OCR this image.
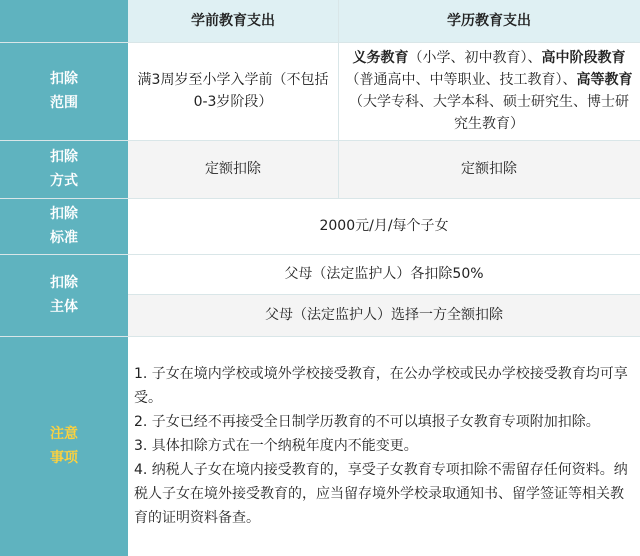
学前教育支出	学历教育支出
扣除
范围
满3周岁至小学入学前（不包括0-3岁阶段）
义务教育（小学、初中教育）、高中阶段教育（普通高中、中等职业、技工教育）、高等教育（大学专科、大学本科、硕士研究生、博士研究生教育）
扣除
方式
定额扣除	定额扣除
扣除
标准
2000元/月/每个子女
扣除
主体
父母（法定监护人）各扣除50%
父母（法定监护人）选择一方全额扣除
注意
事项
1. 子女在境内学校或境外学校接受教育，在公办学校或民办学校接受教育均可享受。
2. 子女已经不再接受全日制学历教育的不可以填报子女教育专项附加扣除。
3. 具体扣除方式在一个纳税年度内不能变更。
4. 纳税人子女在境内接受教育的，享受子女教育专项扣除不需留存任何资料。纳税人子女在境外接受教育的，应当留存境外学校录取通知书、留学签证等相关教育的证明资料备查。
